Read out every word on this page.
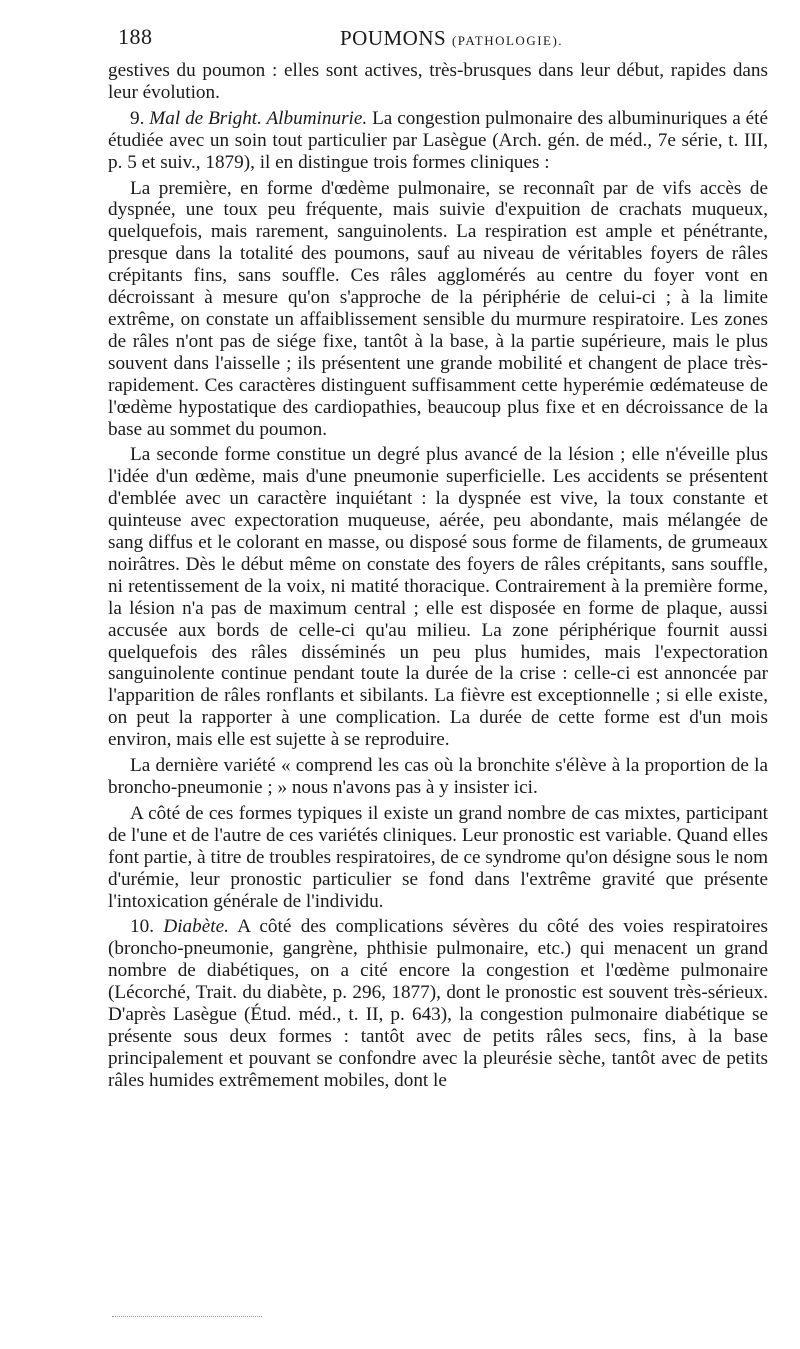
188	POUMONS (PATHOLOGIE).

gestives du poumon : elles sont actives, très-brusques dans leur début, rapides dans leur évolution.

9. Mal de Bright. Albuminurie. La congestion pulmonaire des albuminuriques a été étudiée avec un soin tout particulier par Lasègue (Arch. gén. de méd., 7e série, t. III, p. 5 et suiv., 1879), il en distingue trois formes cliniques :

La première, en forme d'œdème pulmonaire, se reconnaît par de vifs accès de dyspnée, une toux peu fréquente, mais suivie d'expuition de crachats muqueux, quelquefois, mais rarement, sanguinolents. La respiration est ample et pénétrante, presque dans la totalité des poumons, sauf au niveau de véritables foyers de râles crépitants fins, sans souffle. Ces râles agglomérés au centre du foyer vont en décroissant à mesure qu'on s'approche de la périphérie de celui-ci ; à la limite extrême, on constate un affaiblissement sensible du murmure respiratoire. Les zones de râles n'ont pas de siége fixe, tantôt à la base, à la partie supérieure, mais le plus souvent dans l'aisselle ; ils présentent une grande mobilité et changent de place très-rapidement. Ces caractères distinguent suffisamment cette hyperémie œdémateuse de l'œdème hypostatique des cardiopathies, beaucoup plus fixe et en décroissance de la base au sommet du poumon.

La seconde forme constitue un degré plus avancé de la lésion ; elle n'éveille plus l'idée d'un œdème, mais d'une pneumonie superficielle. Les accidents se présentent d'emblée avec un caractère inquiétant : la dyspnée est vive, la toux constante et quinteuse avec expectoration muqueuse, aérée, peu abondante, mais mélangée de sang diffus et le colorant en masse, ou disposé sous forme de filaments, de grumeaux noirâtres. Dès le début même on constate des foyers de râles crépitants, sans souffle, ni retentissement de la voix, ni matité thoracique. Contrairement à la première forme, la lésion n'a pas de maximum central ; elle est disposée en forme de plaque, aussi accusée aux bords de celle-ci qu'au milieu. La zone périphérique fournit aussi quelquefois des râles disséminés un peu plus humides, mais l'expectoration sanguinolente continue pendant toute la durée de la crise : celle-ci est annoncée par l'apparition de râles ronflants et sibilants. La fièvre est exceptionnelle ; si elle existe, on peut la rapporter à une complication. La durée de cette forme est d'un mois environ, mais elle est sujette à se reproduire.

La dernière variété « comprend les cas où la bronchite s'élève à la proportion de la broncho-pneumonie ; » nous n'avons pas à y insister ici.

A côté de ces formes typiques il existe un grand nombre de cas mixtes, participant de l'une et de l'autre de ces variétés cliniques. Leur pronostic est variable. Quand elles font partie, à titre de troubles respiratoires, de ce syndrome qu'on désigne sous le nom d'urémie, leur pronostic particulier se fond dans l'extrême gravité que présente l'intoxication générale de l'individu.

10. Diabète. A côté des complications sévères du côté des voies respiratoires (broncho-pneumonie, gangrène, phthisie pulmonaire, etc.) qui menacent un grand nombre de diabétiques, on a cité encore la congestion et l'œdème pulmonaire (Lécorché, Trait. du diabète, p. 296, 1877), dont le pronostic est souvent très-sérieux. D'après Lasègue (Étud. méd., t. II, p. 643), la congestion pulmonaire diabétique se présente sous deux formes : tantôt avec de petits râles secs, fins, à la base principalement et pouvant se confondre avec la pleurésie sèche, tantôt avec de petits râles humides extrêmement mobiles, dont le
